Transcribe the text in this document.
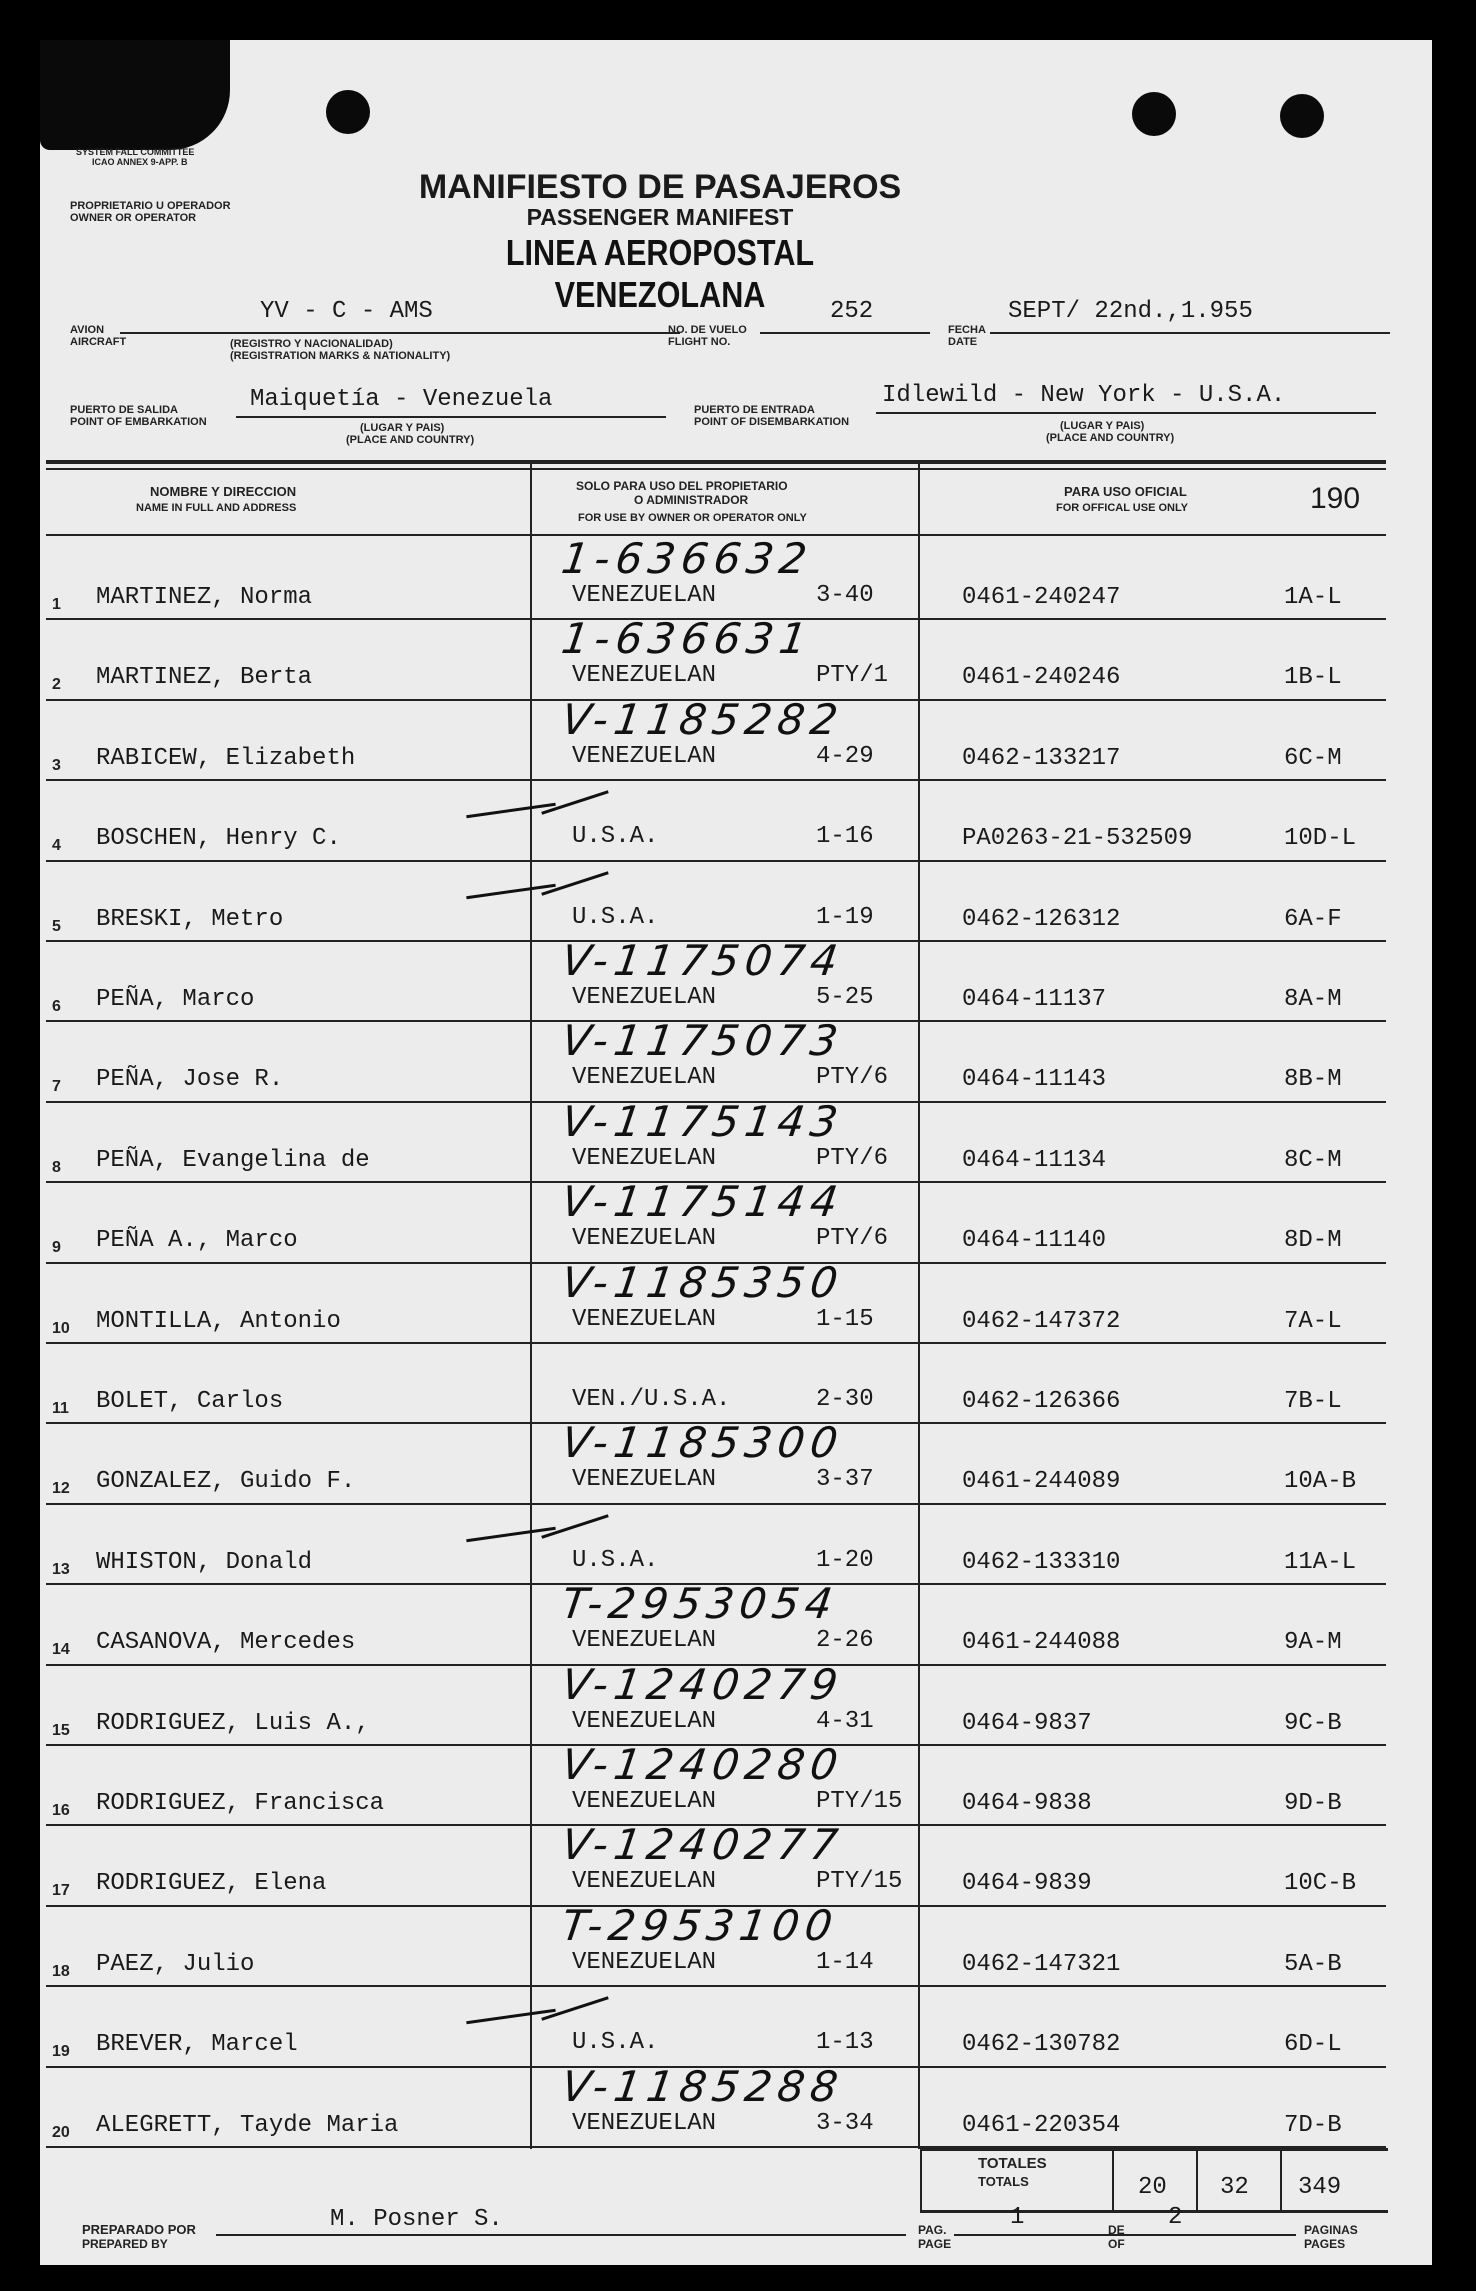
SYSTEM FALL COMMITTEE
ICAO ANNEX 9-APP. B
PROPRIETARIO U OPERADOR
OWNER OR OPERATOR
MANIFIESTO DE PASAJEROS
PASSENGER MANIFEST
LINEA AEROPOSTAL VENEZOLANA
AVION
AIRCRAFT
YV - C - AMS
(REGISTRO Y NACIONALIDAD)
(REGISTRATION MARKS & NATIONALITY)
NO. DE VUELO
FLIGHT NO.
252
FECHA
DATE
SEPT/ 22nd.,1.955
PUERTO DE SALIDA
POINT OF EMBARKATION
Maiquetía - Venezuela
(LUGAR Y PAIS)
(PLACE AND COUNTRY)
PUERTO DE ENTRADA
POINT OF DISEMBARKATION
Idlewild - New York - U.S.A.
(LUGAR Y PAIS)
(PLACE AND COUNTRY)
NOMBRE Y DIRECCION
NAME IN FULL AND ADDRESS
SOLO PARA USO DEL PROPIETARIO
O ADMINISTRADOR
FOR USE BY OWNER OR OPERATOR ONLY
PARA USO OFICIAL
FOR OFFICAL USE ONLY	190
1 MARTINEZ, Norma
1-636632
VENEZUELAN	3-40	0461-240247	1A-L
2 MARTINEZ, Berta
1-636631
VENEZUELAN	PTY/1	0461-240246	1B-L
3 RABICEW, Elizabeth
V-1185282
VENEZUELAN	4-29	0462-133217	6C-M
4 BOSCHEN, Henry C.	U.S.A.	1-16	PA0263-21-532509	10D-L
5 BRESKI, Metro	U.S.A.	1-19	0462-126312	6A-F
6 PEÑA, Marco
V-1175074
VENEZUELAN	5-25	0464-11137	8A-M
7 PEÑA, Jose R.
V-1175073
VENEZUELAN	PTY/6	0464-11143	8B-M
8 PEÑA, Evangelina de
V-1175143
VENEZUELAN	PTY/6	0464-11134	8C-M
9 PEÑA A., Marco
V-1175144
VENEZUELAN	PTY/6	0464-11140	8D-M
10 MONTILLA, Antonio
V-1185350
VENEZUELAN	1-15	0462-147372	7A-L
11 BOLET, Carlos	VEN./U.S.A.	2-30	0462-126366	7B-L
12 GONZALEZ, Guido F.
V-1185300
VENEZUELAN	3-37	0461-244089	10A-B
13 WHISTON, Donald	U.S.A.	1-20	0462-133310	11A-L
14 CASANOVA, Mercedes
T-2953054
VENEZUELAN	2-26	0461-244088	9A-M
15 RODRIGUEZ, Luis A.,
V-1240279
VENEZUELAN	4-31	0464-9837	9C-B
16 RODRIGUEZ, Francisca
V-1240280
VENEZUELAN	PTY/15 0464-9838	9D-B
17 RODRIGUEZ, Elena
V-1240277
VENEZUELAN	PTY/15 0464-9839	10C-B
18 PAEZ, Julio
T-2953100
VENEZUELAN	1-14	0462-147321	5A-B
19 BREVER, Marcel	U.S.A.	1-13	0462-130782	6D-L
20 ALEGRETT, Tayde Maria
V-1185288
VENEZUELAN	3-34	0461-220354	7D-B
TOTALES
TOTALS	20 32 349
PREPARADO POR
PREPARED BY
M. Posner S.	PAG.
PAGE
1	DE
OF
2	PAGINAS
PAGES
